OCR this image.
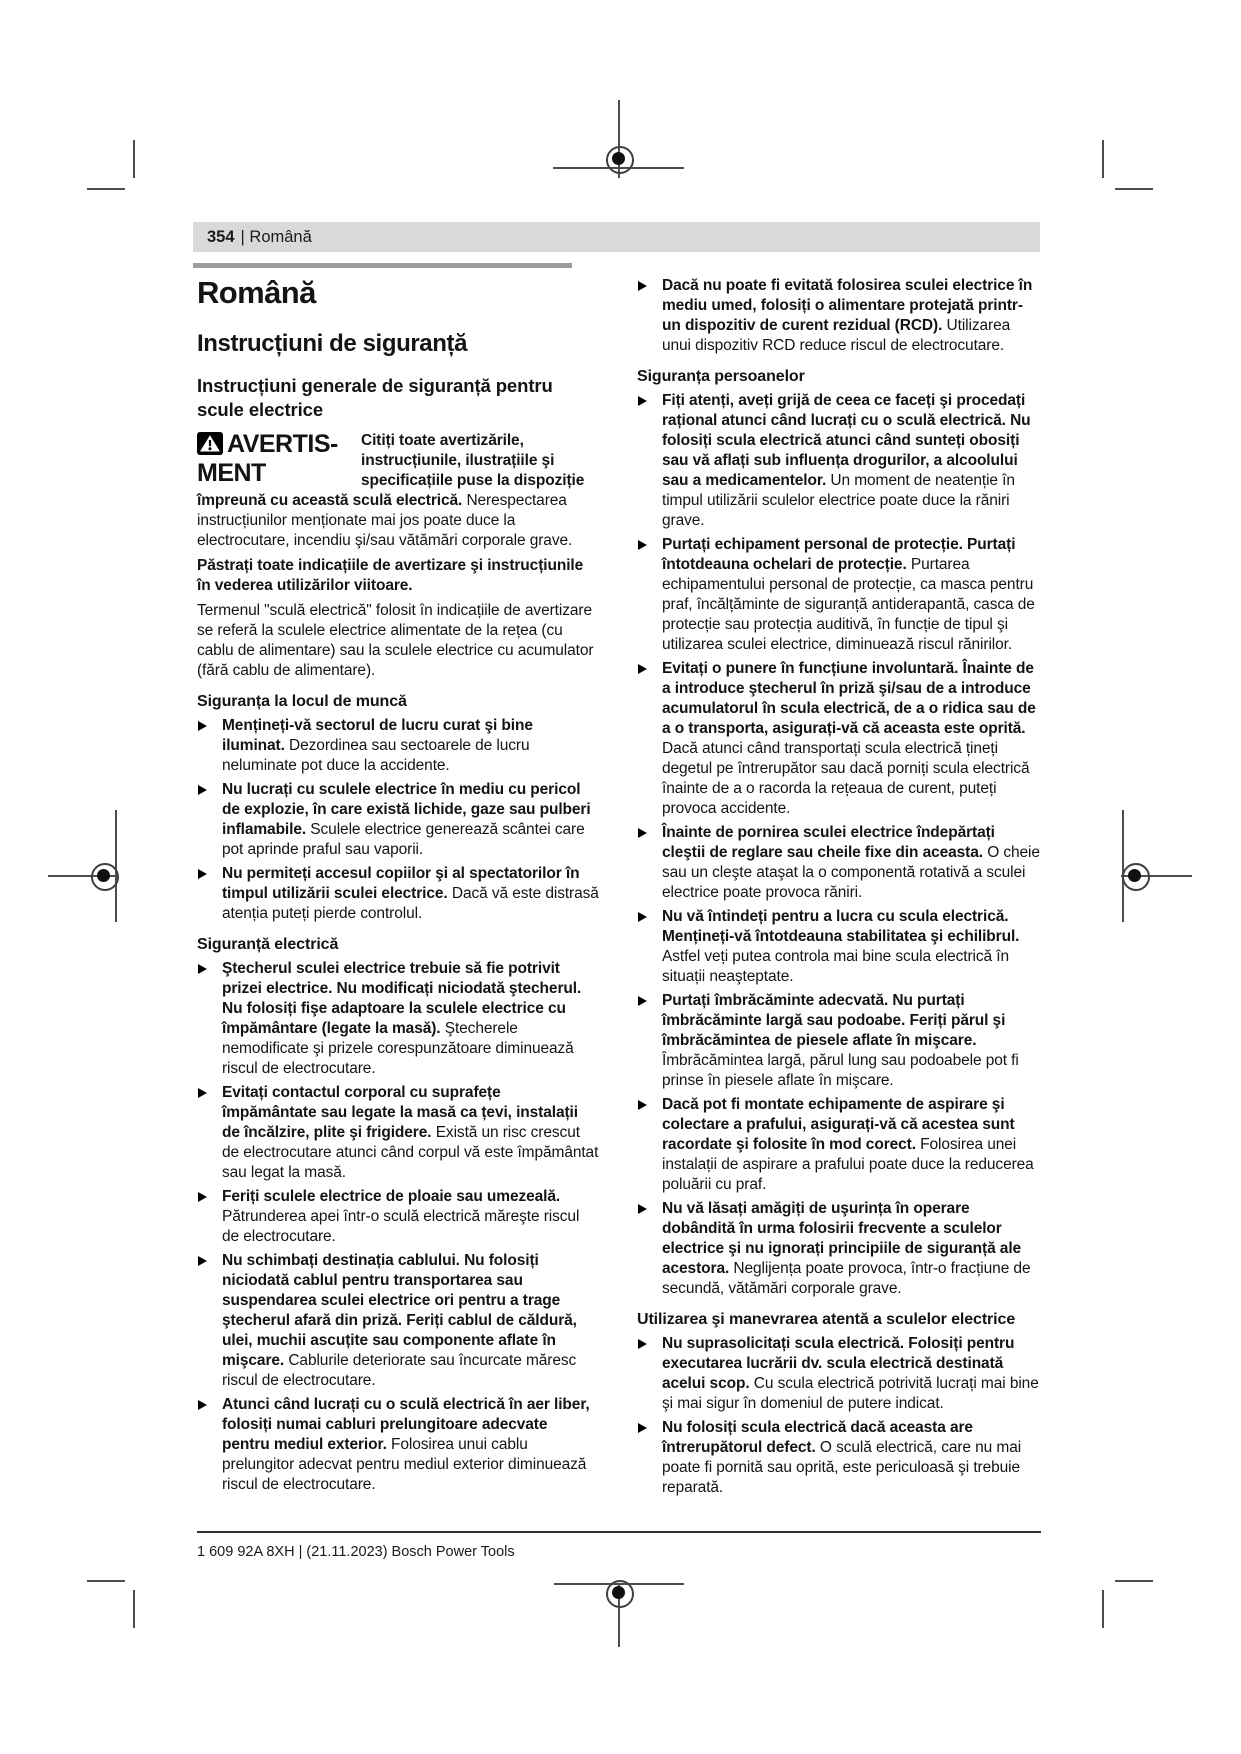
354 | Română
Română
Instrucțiuni de siguranță
Instrucțiuni generale de siguranță pentru scule electrice
AVERTIS-
MENT

Citiți toate avertizările, instrucțiunile, ilustrațiile şi specificațiile puse la dispoziție împreună cu această sculă electrică. Nerespectarea instrucțiunilor menționate mai jos poate duce la electrocutare, incendiu şi/sau vătămări corporale grave.

Păstrați toate indicațiile de avertizare şi instrucțiunile în vederea utilizărilor viitoare.

Termenul "sculă electrică" folosit în indicațiile de avertizare se referă la sculele electrice alimentate de la rețea (cu cablu de alimentare) sau la sculele electrice cu acumulator (fără cablu de alimentare).

Siguranța la locul de muncă

Mențineți-vă sectorul de lucru curat şi bine iluminat. Dezordinea sau sectoarele de lucru neluminate pot duce la accidente.

Nu lucrați cu sculele electrice în mediu cu pericol de explozie, în care există lichide, gaze sau pulberi inflamabile. Sculele electrice generează scântei care pot aprinde praful sau vaporii.

Nu permiteți accesul copiilor şi al spectatorilor în timpul utilizării sculei electrice. Dacă vă este distrasă atenția puteți pierde controlul.

Siguranță electrică

Ştecherul sculei electrice trebuie să fie potrivit prizei electrice. Nu modificați niciodată ştecherul. Nu folosiți fişe adaptoare la sculele electrice cu împământare (legate la masă). Ştecherele nemodificate şi prizele corespunzătoare diminuează riscul de electrocutare.

Evitați contactul corporal cu suprafețe împământate sau legate la masă ca țevi, instalații de încălzire, plite şi frigidere. Există un risc crescut de electrocutare atunci când corpul vă este împământat sau legat la masă.

Feriți sculele electrice de ploaie sau umezeală.Pătrunderea apei într-o sculă electrică măreşte riscul de electrocutare.

Nu schimbați destinația cablului. Nu folosiți niciodată cablul pentru transportarea sau suspendarea sculei electrice ori pentru a trage ştecherul afară din priză. Feriți cablul de căldură, ulei, muchii ascuțite sau componente aflate în mişcare. Cablurile deteriorate sau încurcate măresc riscul de electrocutare.

Atunci când lucrați cu o sculă electrică în aer liber, folosiți numai cabluri prelungitoare adecvate pentru mediul exterior. Folosirea unui cablu prelungitor adecvat pentru mediul exterior diminuează riscul de electrocutare.

Dacă nu poate fi evitată folosirea sculei electrice în mediu umed, folosiți o alimentare protejată printr-un dispozitiv de curent rezidual (RCD). Utilizarea unui dispozitiv RCD reduce riscul de electrocutare.

Siguranța persoanelor

Fiți atenți, aveți grijă de ceea ce faceți şi procedați rațional atunci când lucrați cu o sculă electrică. Nu folosiți scula electrică atunci când sunteți obosiți sau vă aflați sub influența drogurilor, a alcoolului sau a medicamentelor. Un moment de neatenție în timpul utilizării sculelor electrice poate duce la răniri grave.

Purtați echipament personal de protecție. Purtați întotdeauna ochelari de protecție. Purtarea echipamentului personal de protecție, ca masca pentru praf, încălțăminte de siguranță antiderapantă, casca de protecție sau protecția auditivă, în funcție de tipul şi utilizarea sculei electrice, diminuează riscul rănirilor.

Evitați o punere în funcțiune involuntară. Înainte de a introduce ştecherul în priză şi/sau de a introduce acumulatorul în scula electrică, de a o ridica sau de a o transporta, asigurați-vă că aceasta este oprită.Dacă atunci când transportați scula electrică țineți degetul pe întrerupător sau dacă porniți scula electrică înainte de a o racorda la rețeaua de curent, puteți provoca accidente.

Înainte de pornirea sculei electrice îndepărtați cleştii de reglare sau cheile fixe din aceasta. O cheie sau un cleşte ataşat la o componentă rotativă a sculei electrice poate provoca răniri.

Nu vă întindeți pentru a lucra cu scula electrică. Mențineți-vă întotdeauna stabilitatea şi echilibrul.Astfel veți putea controla mai bine scula electrică în situații neaşteptate.

Purtați îmbrăcăminte adecvată. Nu purtați îmbrăcăminte largă sau podoabe. Feriți părul şi îmbrăcămintea de piesele aflate în mişcare.Îmbrăcămintea largă, părul lung sau podoabele pot fi prinse în piesele aflate în mişcare.

Dacă pot fi montate echipamente de aspirare şi colectare a prafului, asigurați-vă că acestea sunt racordate şi folosite în mod corect. Folosirea unei instalații de aspirare a prafului poate duce la reducerea poluării cu praf.

Nu vă lăsați amăgiți de uşurința în operare dobândită în urma folosirii frecvente a sculelor electrice şi nu ignorați principiile de siguranță ale acestora. Neglijența poate provoca, într-o fracțiune de secundă, vătămări corporale grave.

Utilizarea şi manevrarea atentă a sculelor electrice

Nu suprasolicitați scula electrică. Folosiți pentru executarea lucrării dv. scula electrică destinată acelui scop. Cu scula electrică potrivită lucrați mai bine şi mai sigur în domeniul de putere indicat.

Nu folosiți scula electrică dacă aceasta are întrerupătorul defect. O sculă electrică, care nu mai poate fi pornită sau oprită, este periculoasă şi trebuie reparată.

1 609 92A 8XH | (21.11.2023) Bosch Power Tools
